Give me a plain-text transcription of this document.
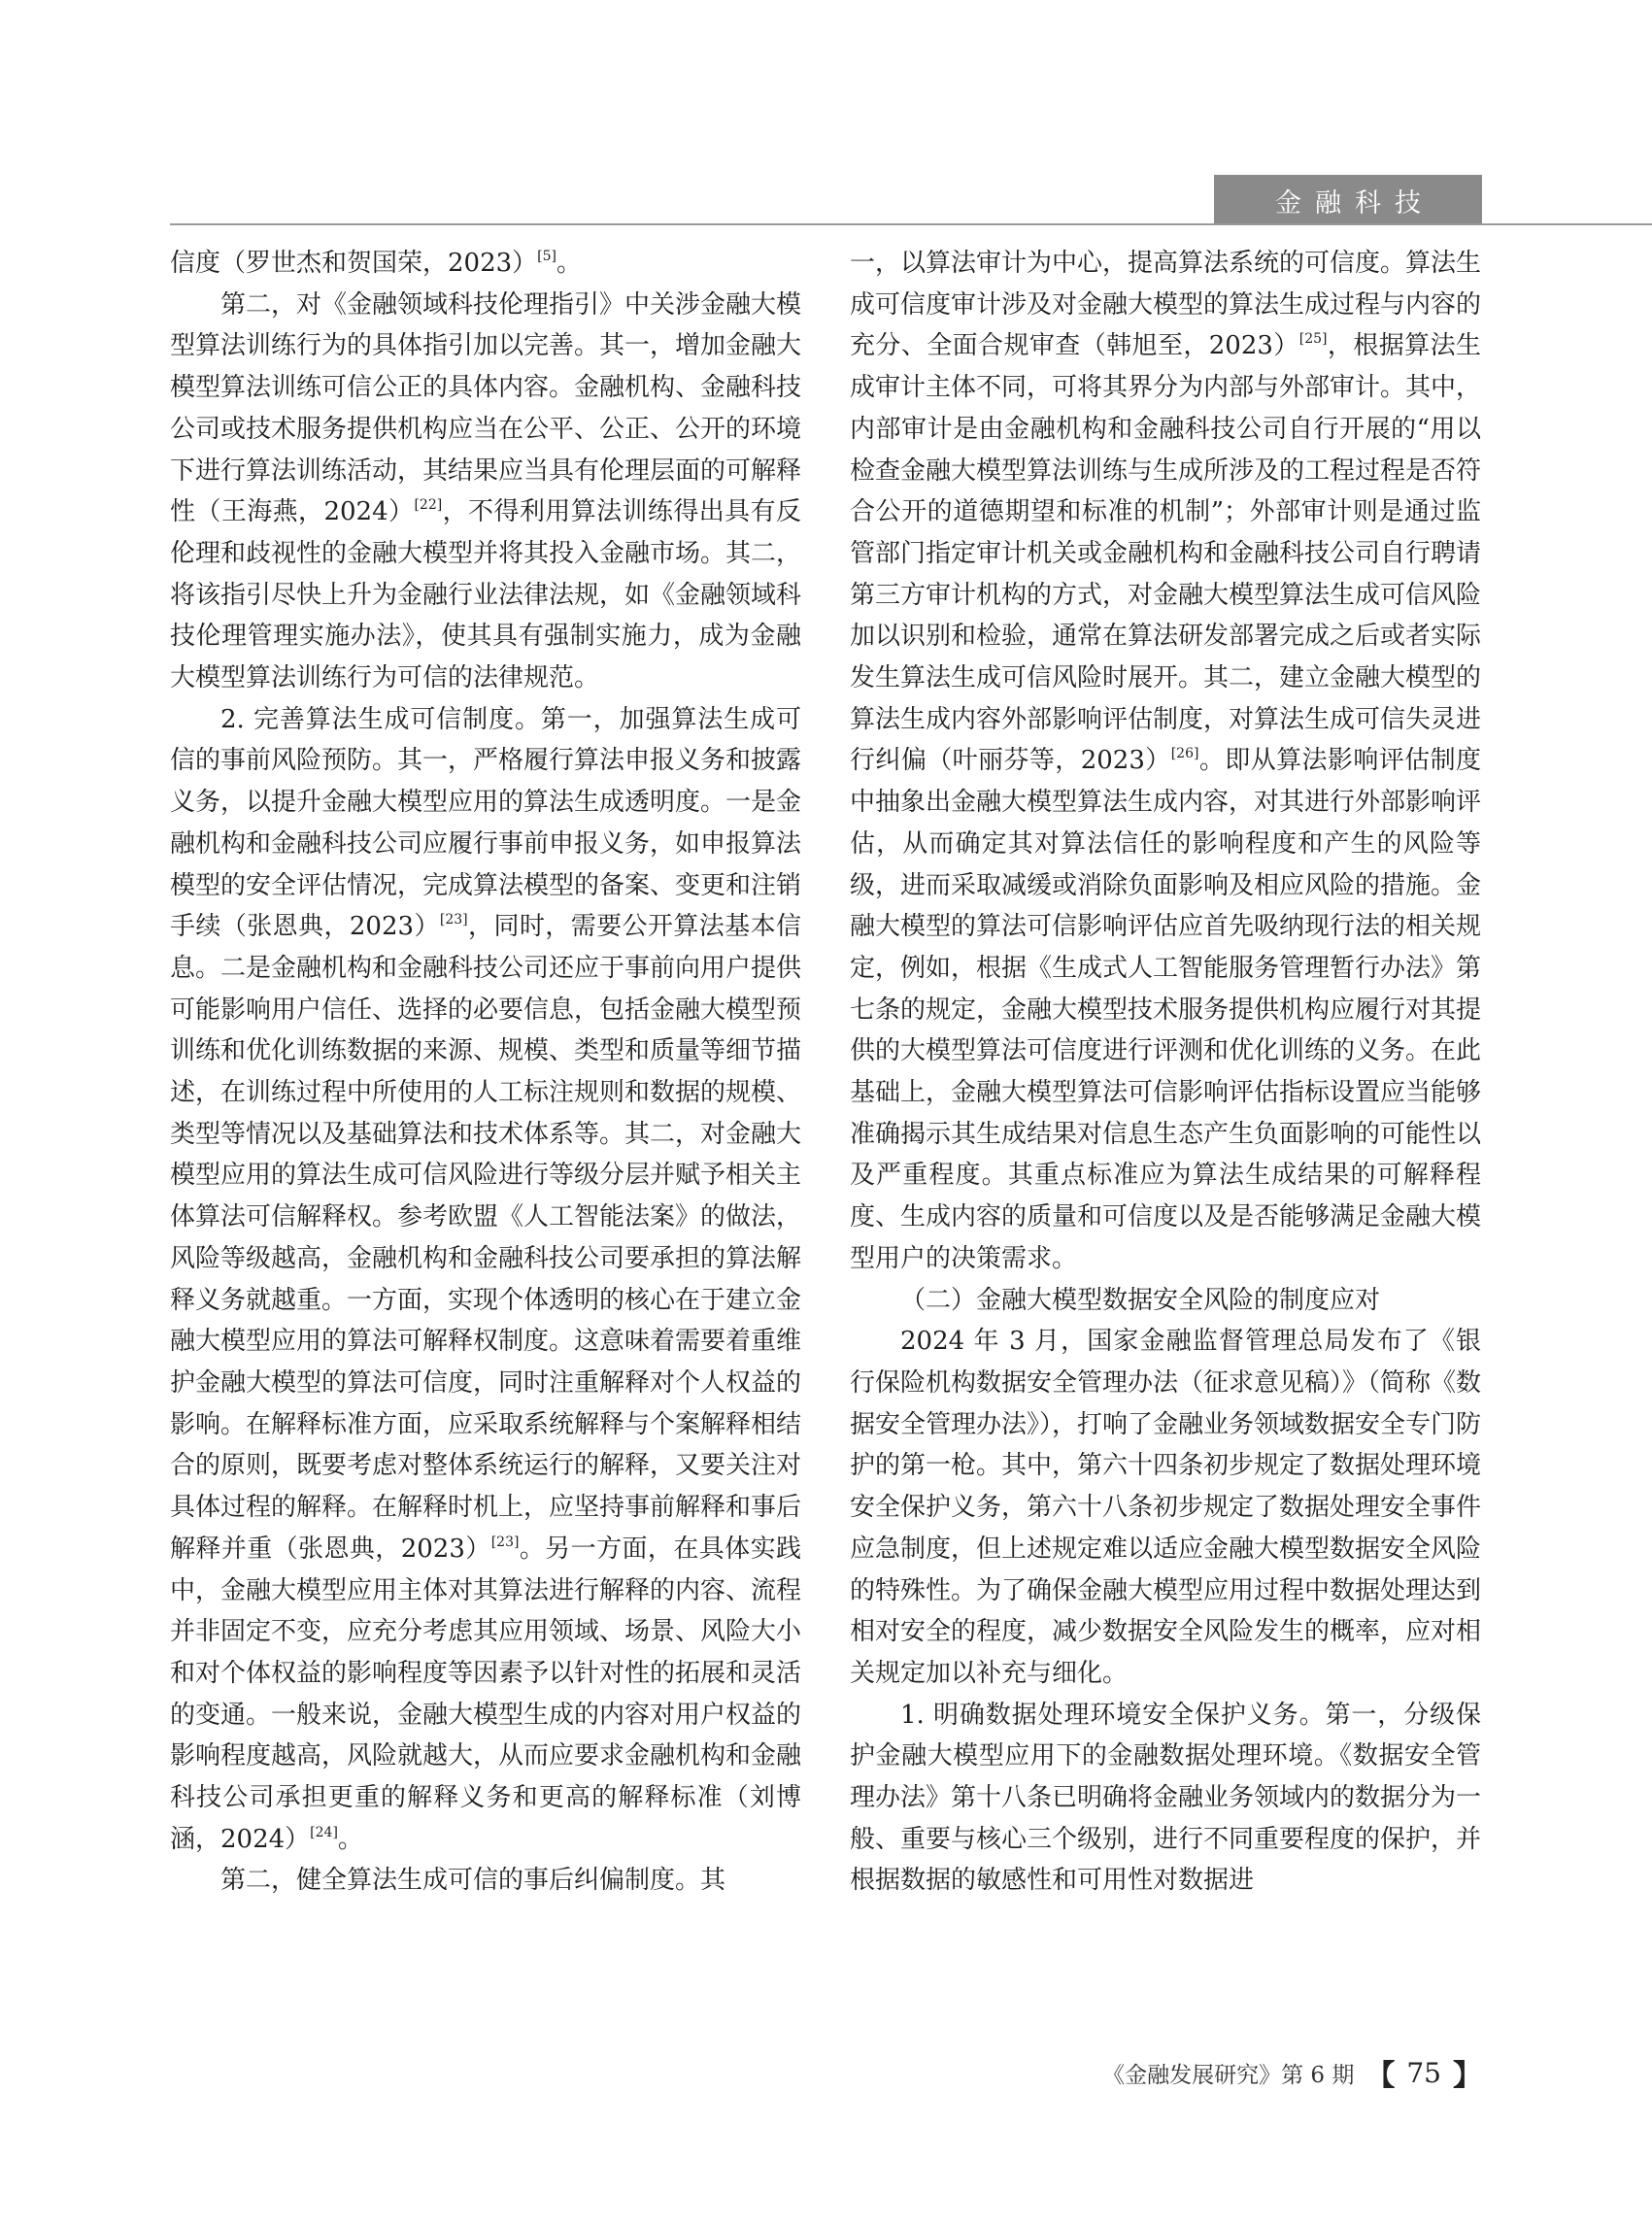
金融科技

信度（罗世杰和贺国荣，2023）[5]。

第二，对《金融领域科技伦理指引》中关涉金融大模型算法训练行为的具体指引加以完善。其一，增加金融大模型算法训练可信公正的具体内容。金融机构、金融科技公司或技术服务提供机构应当在公平、公正、公开的环境下进行算法训练活动，其结果应当具有伦理层面的可解释性（王海燕，2024）[22]，不得利用算法训练得出具有反伦理和歧视性的金融大模型并将其投入金融市场。其二，将该指引尽快上升为金融行业法律法规，如《金融领域科技伦理管理实施办法》，使其具有强制实施力，成为金融大模型算法训练行为可信的法律规范。

2. 完善算法生成可信制度。第一，加强算法生成可信的事前风险预防。其一，严格履行算法申报义务和披露义务，以提升金融大模型应用的算法生成透明度。一是金融机构和金融科技公司应履行事前申报义务，如申报算法模型的安全评估情况，完成算法模型的备案、变更和注销手续（张恩典，2023）[23]，同时，需要公开算法基本信息。二是金融机构和金融科技公司还应于事前向用户提供可能影响用户信任、选择的必要信息，包括金融大模型预训练和优化训练数据的来源、规模、类型和质量等细节描述，在训练过程中所使用的人工标注规则和数据的规模、类型等情况以及基础算法和技术体系等。其二，对金融大模型应用的算法生成可信风险进行等级分层并赋予相关主体算法可信解释权。参考欧盟《人工智能法案》的做法，风险等级越高，金融机构和金融科技公司要承担的算法解释义务就越重。一方面，实现个体透明的核心在于建立金融大模型应用的算法可解释权制度。这意味着需要着重维护金融大模型的算法可信度，同时注重解释对个人权益的影响。在解释标准方面，应采取系统解释与个案解释相结合的原则，既要考虑对整体系统运行的解释，又要关注对具体过程的解释。在解释时机上，应坚持事前解释和事后解释并重（张恩典，2023）[23]。另一方面，在具体实践中，金融大模型应用主体对其算法进行解释的内容、流程并非固定不变，应充分考虑其应用领域、场景、风险大小和对个体权益的影响程度等因素予以针对性的拓展和灵活的变通。一般来说，金融大模型生成的内容对用户权益的影响程度越高，风险就越大，从而应要求金融机构和金融科技公司承担更重的解释义务和更高的解释标准（刘博涵，2024）[24]。

第二，健全算法生成可信的事后纠偏制度。其

一，以算法审计为中心，提高算法系统的可信度。算法生成可信度审计涉及对金融大模型的算法生成过程与内容的充分、全面合规审查（韩旭至，2023）[25]，根据算法生成审计主体不同，可将其界分为内部与外部审计。其中，内部审计是由金融机构和金融科技公司自行开展的“用以检查金融大模型算法训练与生成所涉及的工程过程是否符合公开的道德期望和标准的机制”；外部审计则是通过监管部门指定审计机关或金融机构和金融科技公司自行聘请第三方审计机构的方式，对金融大模型算法生成可信风险加以识别和检验，通常在算法研发部署完成之后或者实际发生算法生成可信风险时展开。其二，建立金融大模型的算法生成内容外部影响评估制度，对算法生成可信失灵进行纠偏（叶丽芬等，2023）[26]。即从算法影响评估制度中抽象出金融大模型算法生成内容，对其进行外部影响评估，从而确定其对算法信任的影响程度和产生的风险等级，进而采取减缓或消除负面影响及相应风险的措施。金融大模型的算法可信影响评估应首先吸纳现行法的相关规定，例如，根据《生成式人工智能服务管理暂行办法》第七条的规定，金融大模型技术服务提供机构应履行对其提供的大模型算法可信度进行评测和优化训练的义务。在此基础上，金融大模型算法可信影响评估指标设置应当能够准确揭示其生成结果对信息生态产生负面影响的可能性以及严重程度。其重点标准应为算法生成结果的可解释程度、生成内容的质量和可信度以及是否能够满足金融大模型用户的决策需求。

（二）金融大模型数据安全风险的制度应对

2024 年 3 月，国家金融监督管理总局发布了《银行保险机构数据安全管理办法（征求意见稿）》（简称《数据安全管理办法》），打响了金融业务领域数据安全专门防护的第一枪。其中，第六十四条初步规定了数据处理环境安全保护义务，第六十八条初步规定了数据处理安全事件应急制度，但上述规定难以适应金融大模型数据安全风险的特殊性。为了确保金融大模型应用过程中数据处理达到相对安全的程度，减少数据安全风险发生的概率，应对相关规定加以补充与细化。

1. 明确数据处理环境安全保护义务。第一，分级保护金融大模型应用下的金融数据处理环境。《数据安全管理办法》第十八条已明确将金融业务领域内的数据分为一般、重要与核心三个级别，进行不同重要程度的保护，并根据数据的敏感性和可用性对数据进

《金融发展研究》第 6 期 【 75 】
